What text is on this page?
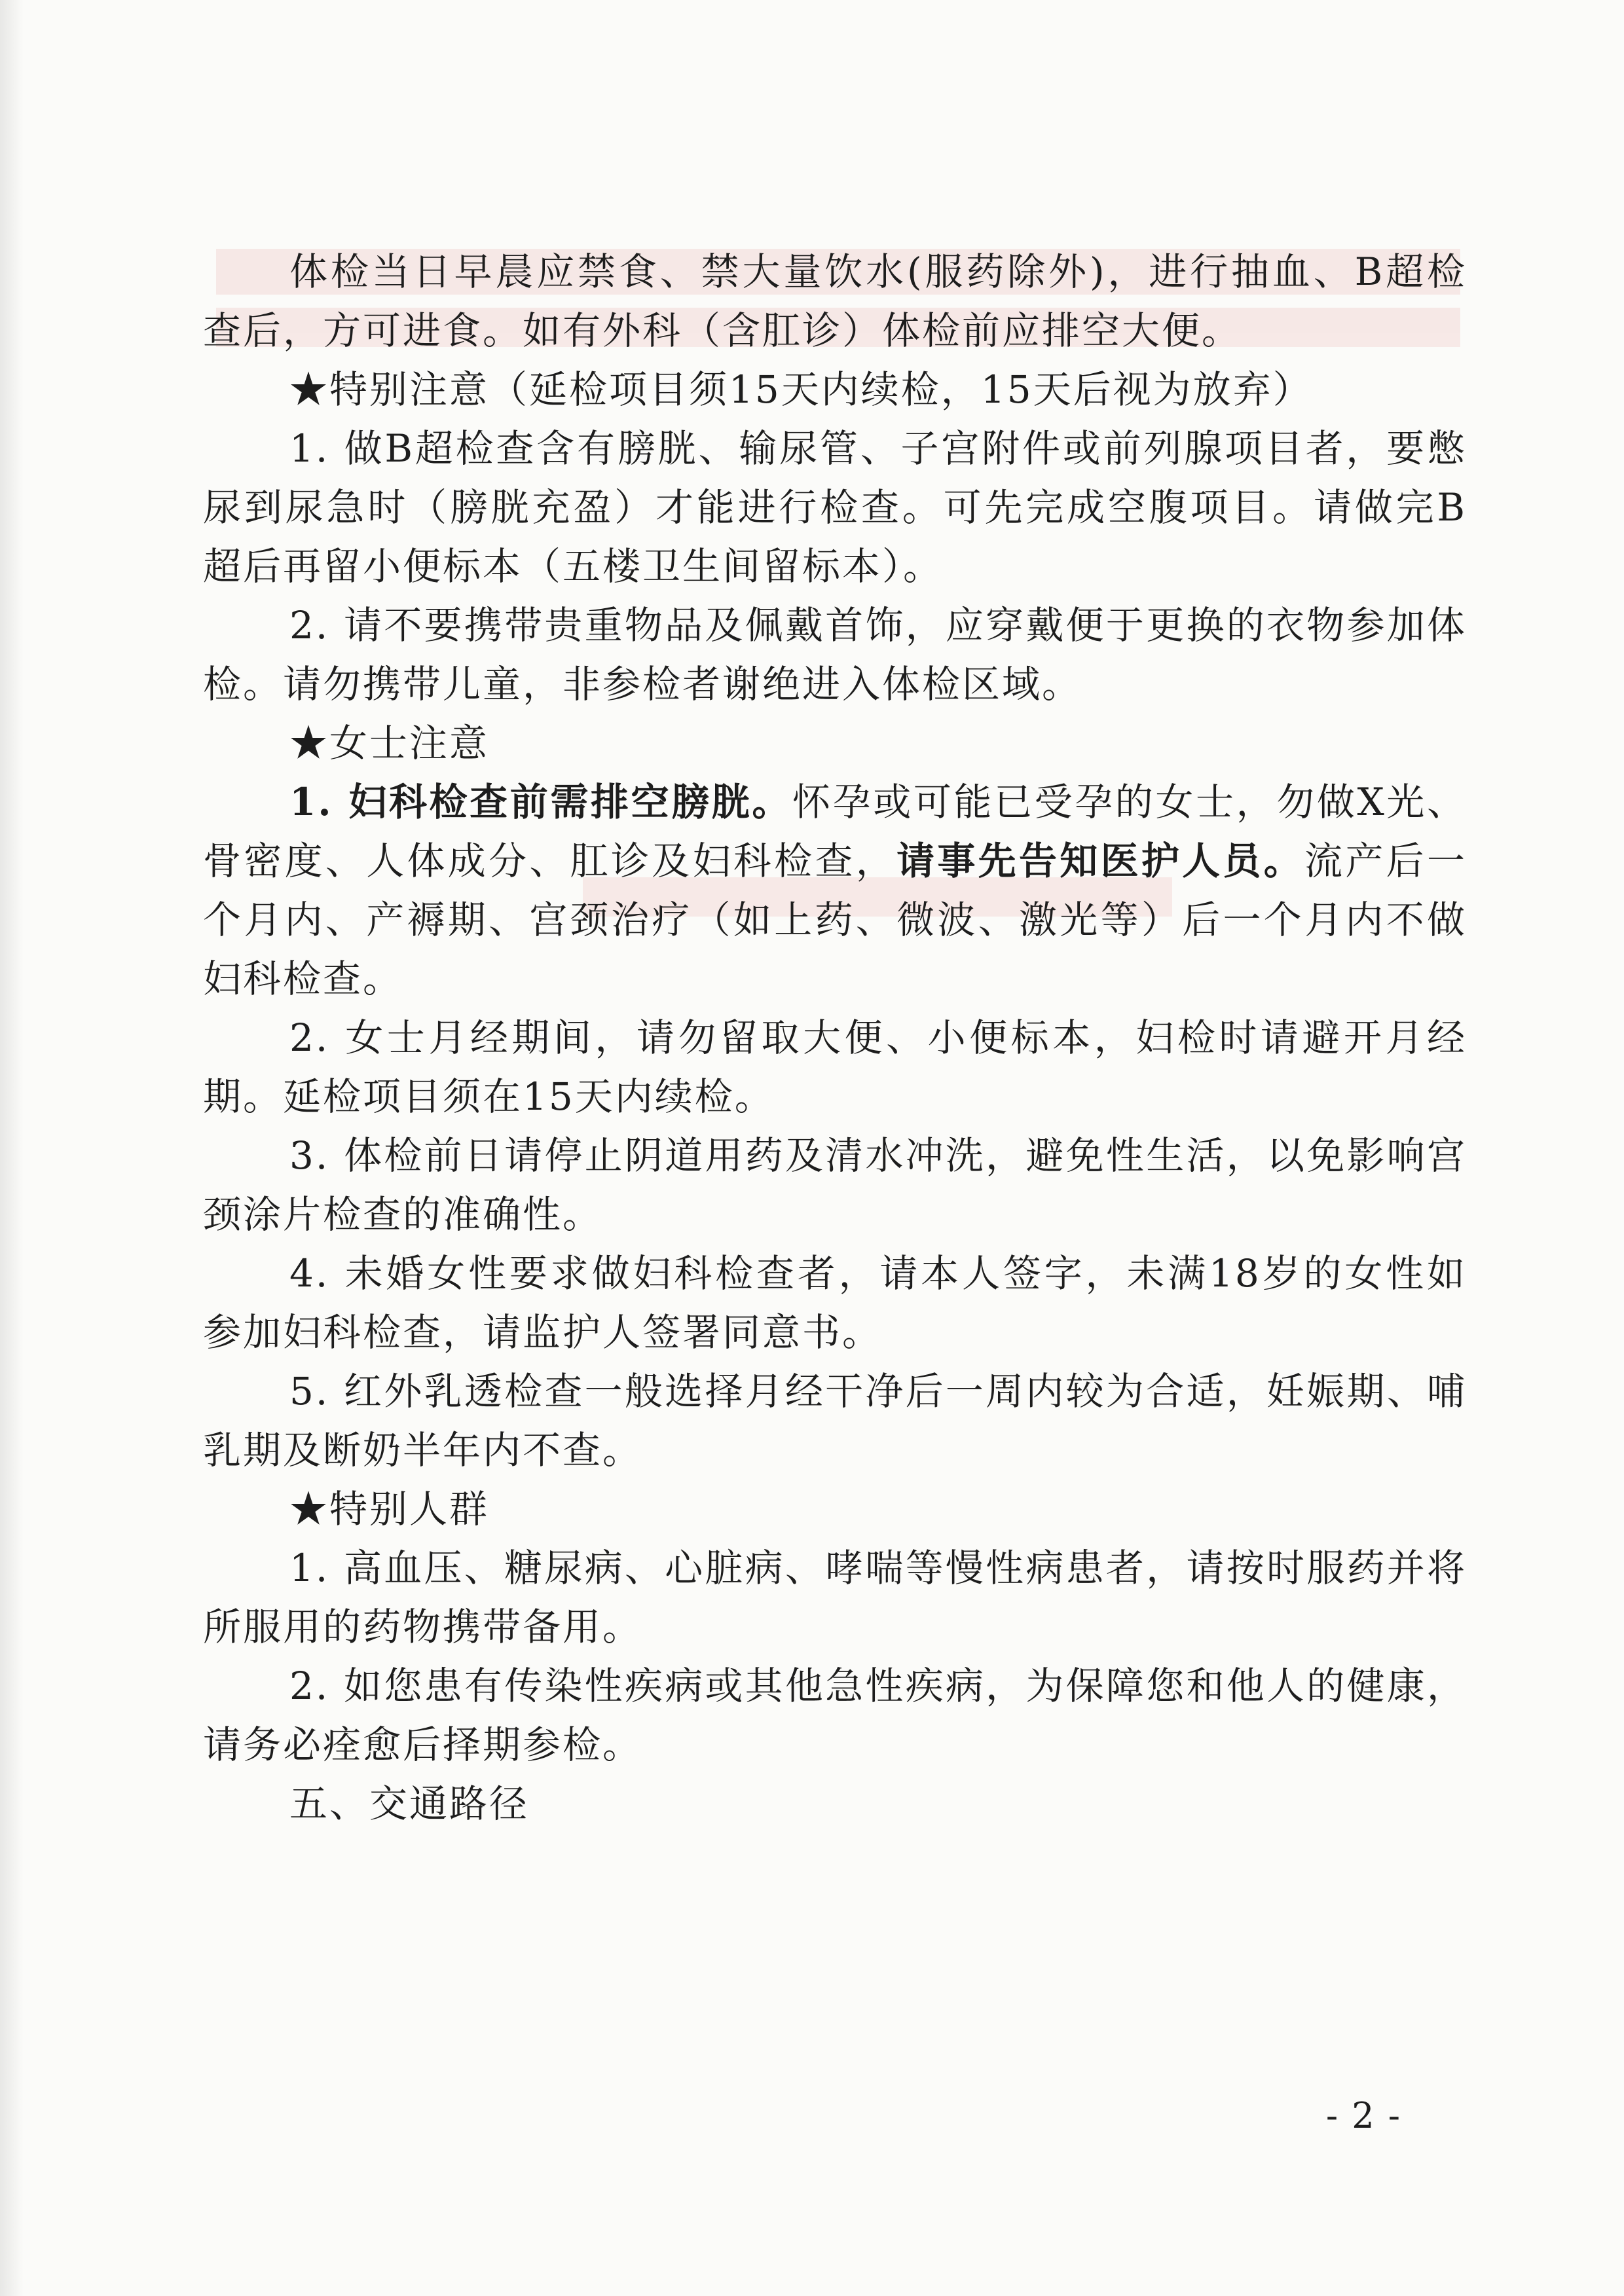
体检当日早晨应禁食、禁大量饮水(服药除外)，进行抽血、B超检查后，方可进食。如有外科（含肛诊）体检前应排空大便。

★特别注意（延检项目须15天内续检，15天后视为放弃）

1. 做B超检查含有膀胱、输尿管、子宫附件或前列腺项目者，要憋尿到尿急时（膀胱充盈）才能进行检查。可先完成空腹项目。请做完B超后再留小便标本（五楼卫生间留标本）。

2. 请不要携带贵重物品及佩戴首饰，应穿戴便于更换的衣物参加体检。请勿携带儿童，非参检者谢绝进入体检区域。

★女士注意

1. 妇科检查前需排空膀胱。怀孕或可能已受孕的女士，勿做X光、骨密度、人体成分、肛诊及妇科检查，请事先告知医护人员。流产后一个月内、产褥期、宫颈治疗（如上药、微波、激光等）后一个月内不做妇科检查。

2. 女士月经期间，请勿留取大便、小便标本，妇检时请避开月经期。延检项目须在15天内续检。

3. 体检前日请停止阴道用药及清水冲洗，避免性生活，以免影响宫颈涂片检查的准确性。

4. 未婚女性要求做妇科检查者，请本人签字，未满18岁的女性如参加妇科检查，请监护人签署同意书。

5. 红外乳透检查一般选择月经干净后一周内较为合适，妊娠期、哺乳期及断奶半年内不查。

★特别人群

1. 高血压、糖尿病、心脏病、哮喘等慢性病患者，请按时服药并将所服用的药物携带备用。

2. 如您患有传染性疾病或其他急性疾病，为保障您和他人的健康，请务必痊愈后择期参检。

五、交通路径

- 2 -
